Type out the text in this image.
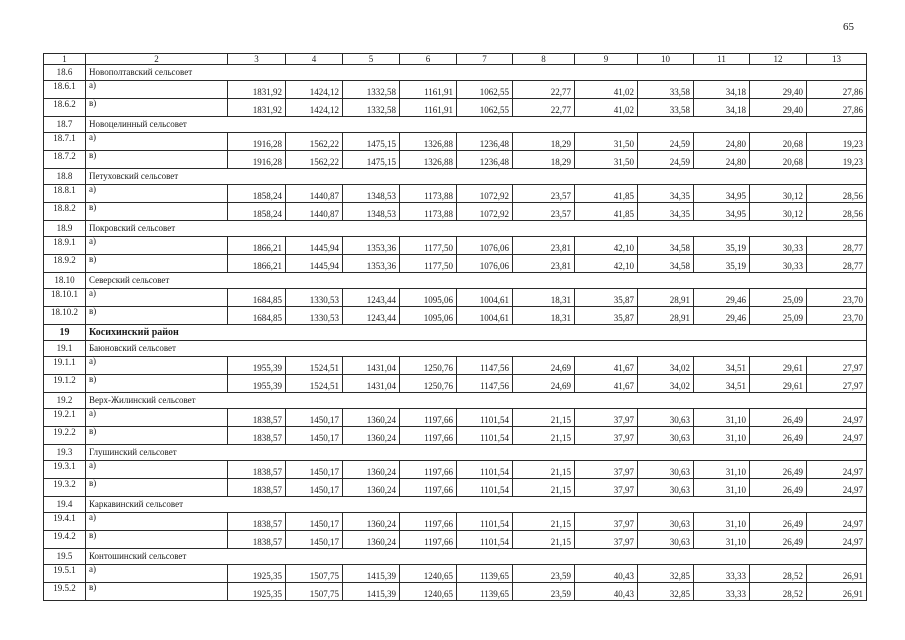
65
1	2	3	4	5	6	7	8	9	10	11	12	13
18.6	Новополтавский сельсовет											
18.6.1	а)	1831,92	1424,12	1332,58	1161,91	1062,55	22,77	41,02	33,58	34,18	29,40	27,86
18.6.2	в)	1831,92	1424,12	1332,58	1161,91	1062,55	22,77	41,02	33,58	34,18	29,40	27,86
18.7	Новоцелинный сельсовет											
18.7.1	а)	1916,28	1562,22	1475,15	1326,88	1236,48	18,29	31,50	24,59	24,80	20,68	19,23
18.7.2	в)	1916,28	1562,22	1475,15	1326,88	1236,48	18,29	31,50	24,59	24,80	20,68	19,23
18.8	Петуховский сельсовет											
18.8.1	а)	1858,24	1440,87	1348,53	1173,88	1072,92	23,57	41,85	34,35	34,95	30,12	28,56
18.8.2	в)	1858,24	1440,87	1348,53	1173,88	1072,92	23,57	41,85	34,35	34,95	30,12	28,56
18.9	Покровский сельсовет											
18.9.1	а)	1866,21	1445,94	1353,36	1177,50	1076,06	23,81	42,10	34,58	35,19	30,33	28,77
18.9.2	в)	1866,21	1445,94	1353,36	1177,50	1076,06	23,81	42,10	34,58	35,19	30,33	28,77
18.10	Северский сельсовет											
18.10.1	а)	1684,85	1330,53	1243,44	1095,06	1004,61	18,31	35,87	28,91	29,46	25,09	23,70
18.10.2	в)	1684,85	1330,53	1243,44	1095,06	1004,61	18,31	35,87	28,91	29,46	25,09	23,70
19	Косихинский район											
19.1	Баюновский сельсовет											
19.1.1	а)	1955,39	1524,51	1431,04	1250,76	1147,56	24,69	41,67	34,02	34,51	29,61	27,97
19.1.2	в)	1955,39	1524,51	1431,04	1250,76	1147,56	24,69	41,67	34,02	34,51	29,61	27,97
19.2	Верх-Жилинский сельсовет											
19.2.1	а)	1838,57	1450,17	1360,24	1197,66	1101,54	21,15	37,97	30,63	31,10	26,49	24,97
19.2.2	в)	1838,57	1450,17	1360,24	1197,66	1101,54	21,15	37,97	30,63	31,10	26,49	24,97
19.3	Глушинский сельсовет											
19.3.1	а)	1838,57	1450,17	1360,24	1197,66	1101,54	21,15	37,97	30,63	31,10	26,49	24,97
19.3.2	в)	1838,57	1450,17	1360,24	1197,66	1101,54	21,15	37,97	30,63	31,10	26,49	24,97
19.4	Каркавинский сельсовет											
19.4.1	а)	1838,57	1450,17	1360,24	1197,66	1101,54	21,15	37,97	30,63	31,10	26,49	24,97
19.4.2	в)	1838,57	1450,17	1360,24	1197,66	1101,54	21,15	37,97	30,63	31,10	26,49	24,97
19.5	Контошинский сельсовет											
19.5.1	а)	1925,35	1507,75	1415,39	1240,65	1139,65	23,59	40,43	32,85	33,33	28,52	26,91
19.5.2	в)	1925,35	1507,75	1415,39	1240,65	1139,65	23,59	40,43	32,85	33,33	28,52	26,91
